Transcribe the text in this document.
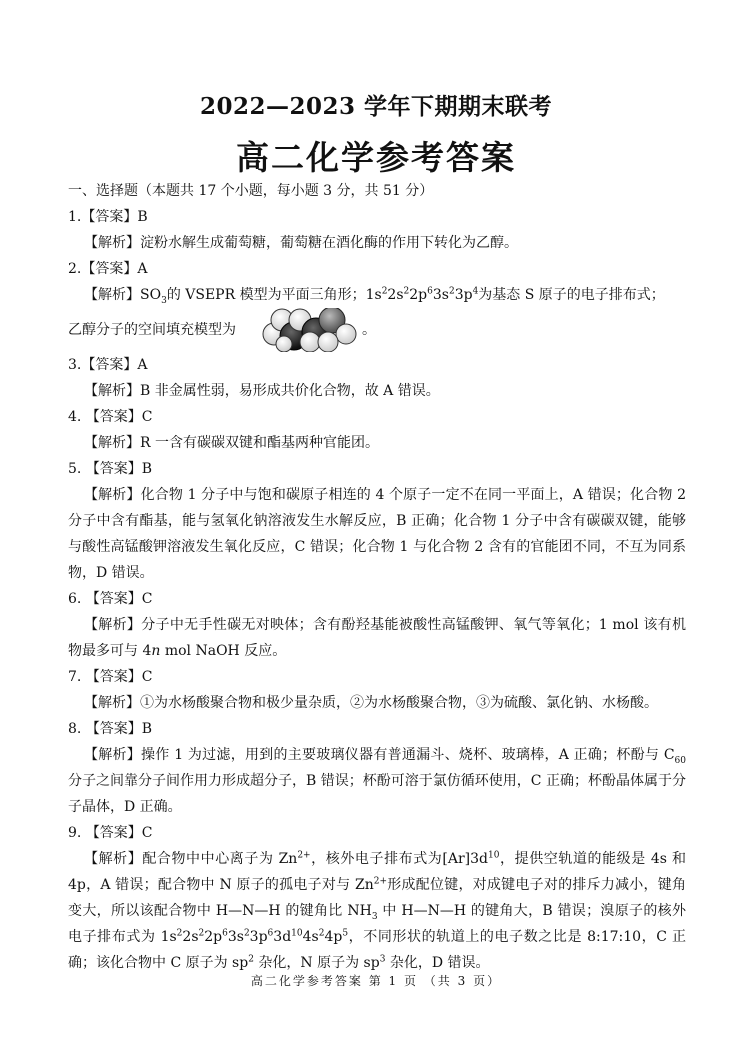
2022—2023 学年下期期末联考
高二化学参考答案
一、选择题（本题共 17 个小题，每小题 3 分，共 51 分）
1.【答案】B
【解析】淀粉水解生成葡萄糖，葡萄糖在酒化酶的作用下转化为乙醇。
2.【答案】A
【解析】$SO_3$的 VSEPR 模型为平面三角形；$1s^22s^22p^63s^23p^4$为基态 S 原子的电子排布式；
乙醇分子的空间填充模型为	。
3.【答案】A
【解析】B 非金属性弱，易形成共价化合物，故 A 错误。
4. 【答案】C
【解析】R 一含有碳碳双键和酯基两种官能团。
5. 【答案】B
【解析】化合物 1 分子中与饱和碳原子相连的 4 个原子一定不在同一平面上，A 错误；化合物 2 分子中含有酯基，能与氢氧化钠溶液发生水解反应，B 正确；化合物 1 分子中含有碳碳双键，能够与酸性高锰酸钾溶液发生氧化反应，C 错误；化合物 1 与化合物 2 含有的官能团不同，不互为同系物，D 错误。
6. 【答案】C
【解析】分子中无手性碳无对映体；含有酚羟基能被酸性高锰酸钾、氧气等氧化；1 mol 该有机物最多可与 4n mol NaOH 反应。
7. 【答案】C
【解析】①为水杨酸聚合物和极少量杂质，②为水杨酸聚合物，③为硫酸、氯化钠、水杨酸。
8. 【答案】B
【解析】操作 1 为过滤，用到的主要玻璃仪器有普通漏斗、烧杯、玻璃棒，A 正确；杯酚与 $C_{60}$分子之间靠分子间作用力形成超分子，B 错误；杯酚可溶于氯仿循环使用，C 正确；杯酚晶体属于分子晶体，D 正确。
9. 【答案】C
【解析】配合物中中心离子为 $Zn^{2+}$，核外电子排布式为$[Ar]3d^{10}$，提供空轨道的能级是 4s 和 4p，A 错误；配合物中 N 原子的孤电子对与 $Zn^{2+}$形成配位键，对成键电子对的排斥力减小，键角变大，所以该配合物中 H—N—H 的键角比 $NH_3$ 中 H—N—H 的键角大，B 错误；溴原子的核外电子排布式为 $1s^22s^22p^63s^23p^63d^{10}4s^24p^5$，不同形状的轨道上的电子数之比是 8:17:10，C 正确；该化合物中 C 原子为 $sp^2$ 杂化，N 原子为 $sp^3$ 杂化，D 错误。
高二化学参考答案 第 1 页 （共 3 页）
